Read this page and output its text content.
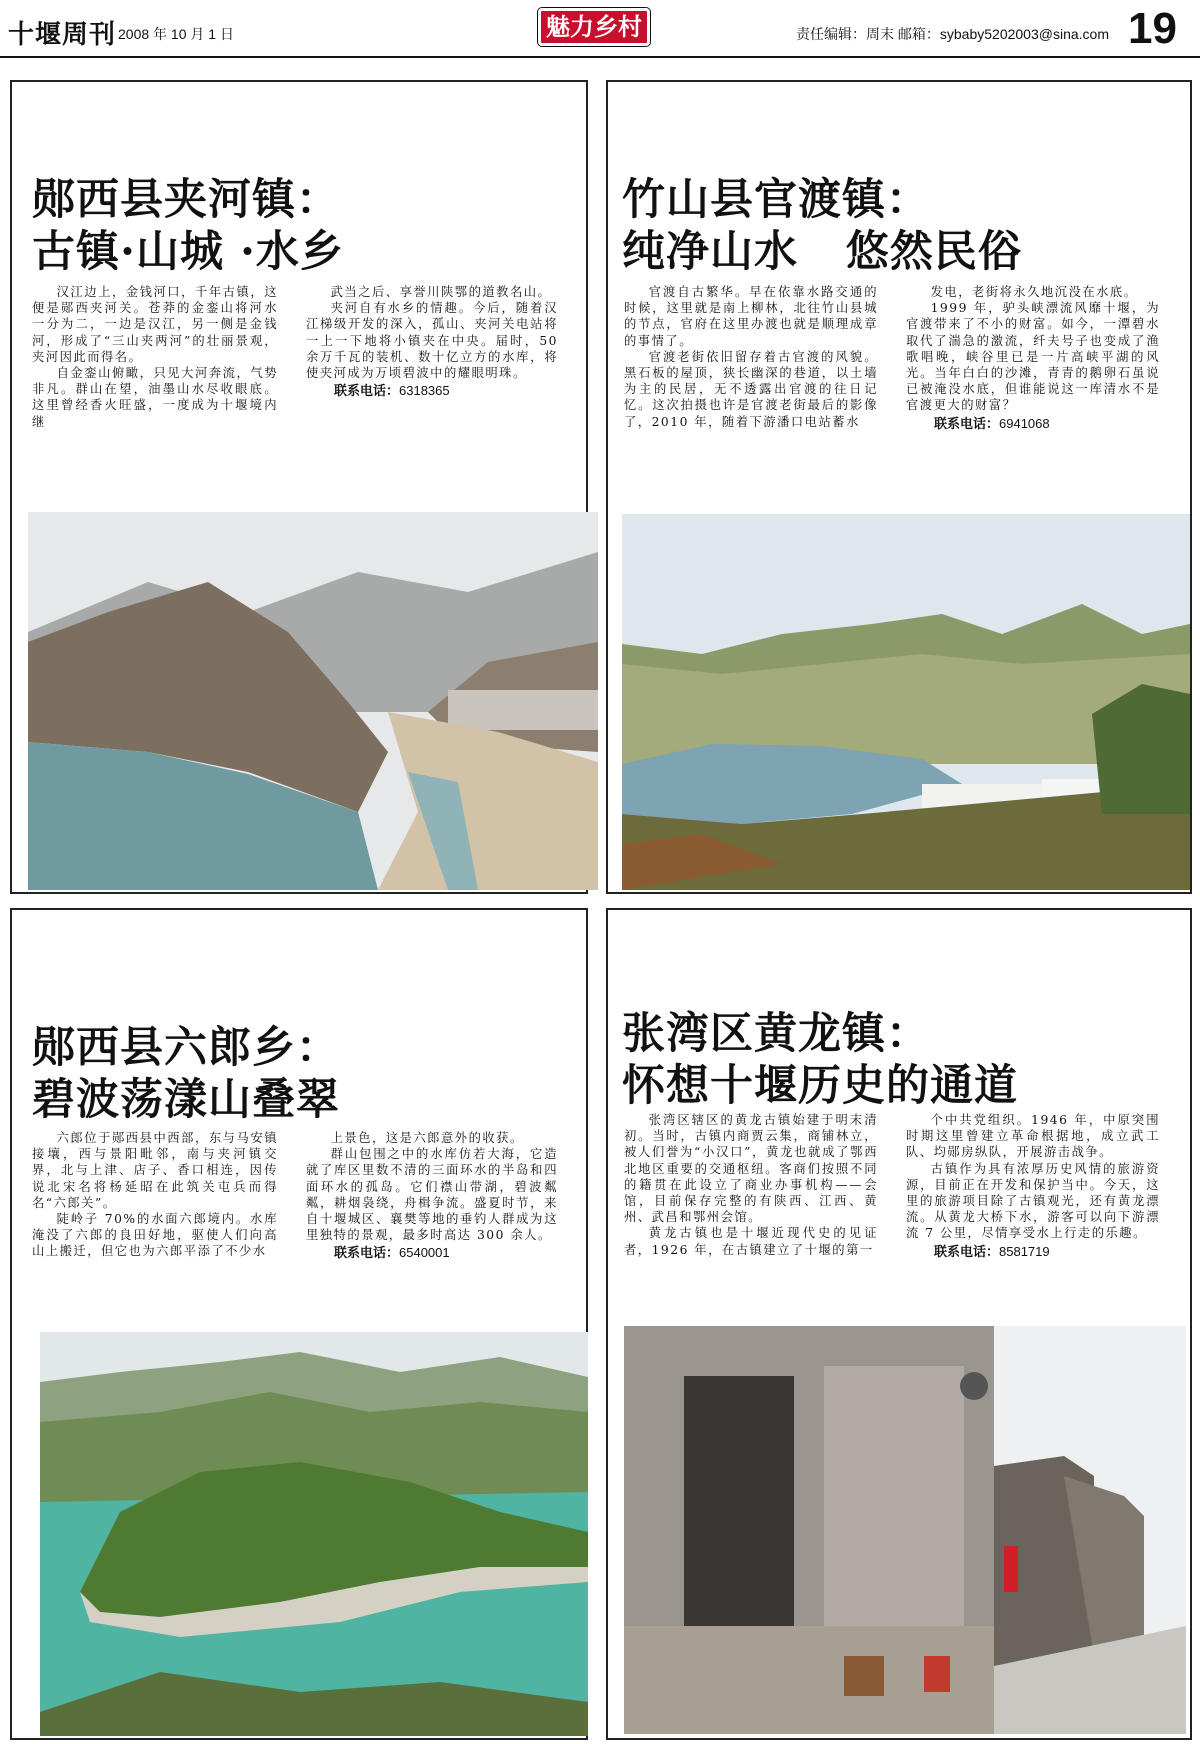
十堰周刊 2008 年 10 月 1 日	魅力乡村	责任编辑：周末 邮箱：sybaby5202003@sina.com 19
郧西县夹河镇：
古镇·山城 ·水乡

汉江边上，金钱河口，千年古镇，这便是郧西夹河关。苍莽的金銮山将河水一分为二，一边是汉江，另一侧是金钱河，形成了“三山夹两河”的壮丽景观，夹河因此而得名。

自金銮山俯瞰，只见大河奔流，气势非凡。群山在望，油墨山水尽收眼底。这里曾经香火旺盛，一度成为十堰境内继

武当之后、享誉川陕鄂的道教名山。

夹河自有水乡的情趣。今后，随着汉江梯级开发的深入，孤山、夹河关电站将一上一下地将小镇夹在中央。届时，50余万千瓦的装机、数十亿立方的水库，将使夹河成为万顷碧波中的耀眼明珠。

联系电话：6318365

竹山县官渡镇：
纯净山水   悠然民俗

官渡自古繁华。早在依靠水路交通的时候，这里就是南上柳林，北往竹山县城的节点，官府在这里办渡也就是顺理成章的事情了。

官渡老街依旧留存着古官渡的风貌。黑石板的屋顶，狭长幽深的巷道，以土墙为主的民居，无不透露出官渡的往日记忆。这次拍摄也许是官渡老街最后的影像了，2010 年，随着下游潘口电站蓄水

发电，老街将永久地沉没在水底。

1999 年，驴头峡漂流风靡十堰，为官渡带来了不小的财富。如今，一潭碧水取代了湍急的激流，纤夫号子也变成了渔歌唱晚，峡谷里已是一片高峡平湖的风光。当年白白的沙滩，青青的鹅卵石虽说已被淹没水底，但谁能说这一库清水不是官渡更大的财富？

联系电话：6941068

郧西县六郎乡：
碧波荡漾山叠翠

六郎位于郧西县中西部，东与马安镇接壤，西与景阳毗邻，南与夹河镇交界，北与上津、店子、香口相连，因传说北宋名将杨延昭在此筑关屯兵而得名“六郎关”。

陡岭子 70%的水面六郎境内。水库淹没了六郎的良田好地，驱使人们向高山上搬迁，但它也为六郎平添了不少水

上景色，这是六郎意外的收获。

群山包围之中的水库仿若大海，它造就了库区里数不清的三面环水的半岛和四面环水的孤岛。它们襟山带湖，碧波粼粼，耕烟袅绕，舟楫争流。盛夏时节，来自十堰城区、襄樊等地的垂钓人群成为这里独特的景观，最多时高达 300 余人。

联系电话：6540001

张湾区黄龙镇：
怀想十堰历史的通道

张湾区辖区的黄龙古镇始建于明末清初。当时，古镇内商贾云集，商铺林立，被人们誉为“小汉口”，黄龙也就成了鄂西北地区重要的交通枢纽。客商们按照不同的籍贯在此设立了商业办事机构——会馆，目前保存完整的有陕西、江西、黄州、武昌和鄂州会馆。

黄龙古镇也是十堰近现代史的见证者，1926 年，在古镇建立了十堰的第一

个中共党组织。1946 年，中原突围时期这里曾建立革命根据地，成立武工队、均郧房纵队，开展游击战争。

古镇作为具有浓厚历史风情的旅游资源，目前正在开发和保护当中。今天，这里的旅游项目除了古镇观光，还有黄龙漂流。从黄龙大桥下水，游客可以向下游漂流 7 公里，尽情享受水上行走的乐趣。

联系电话：8581719
